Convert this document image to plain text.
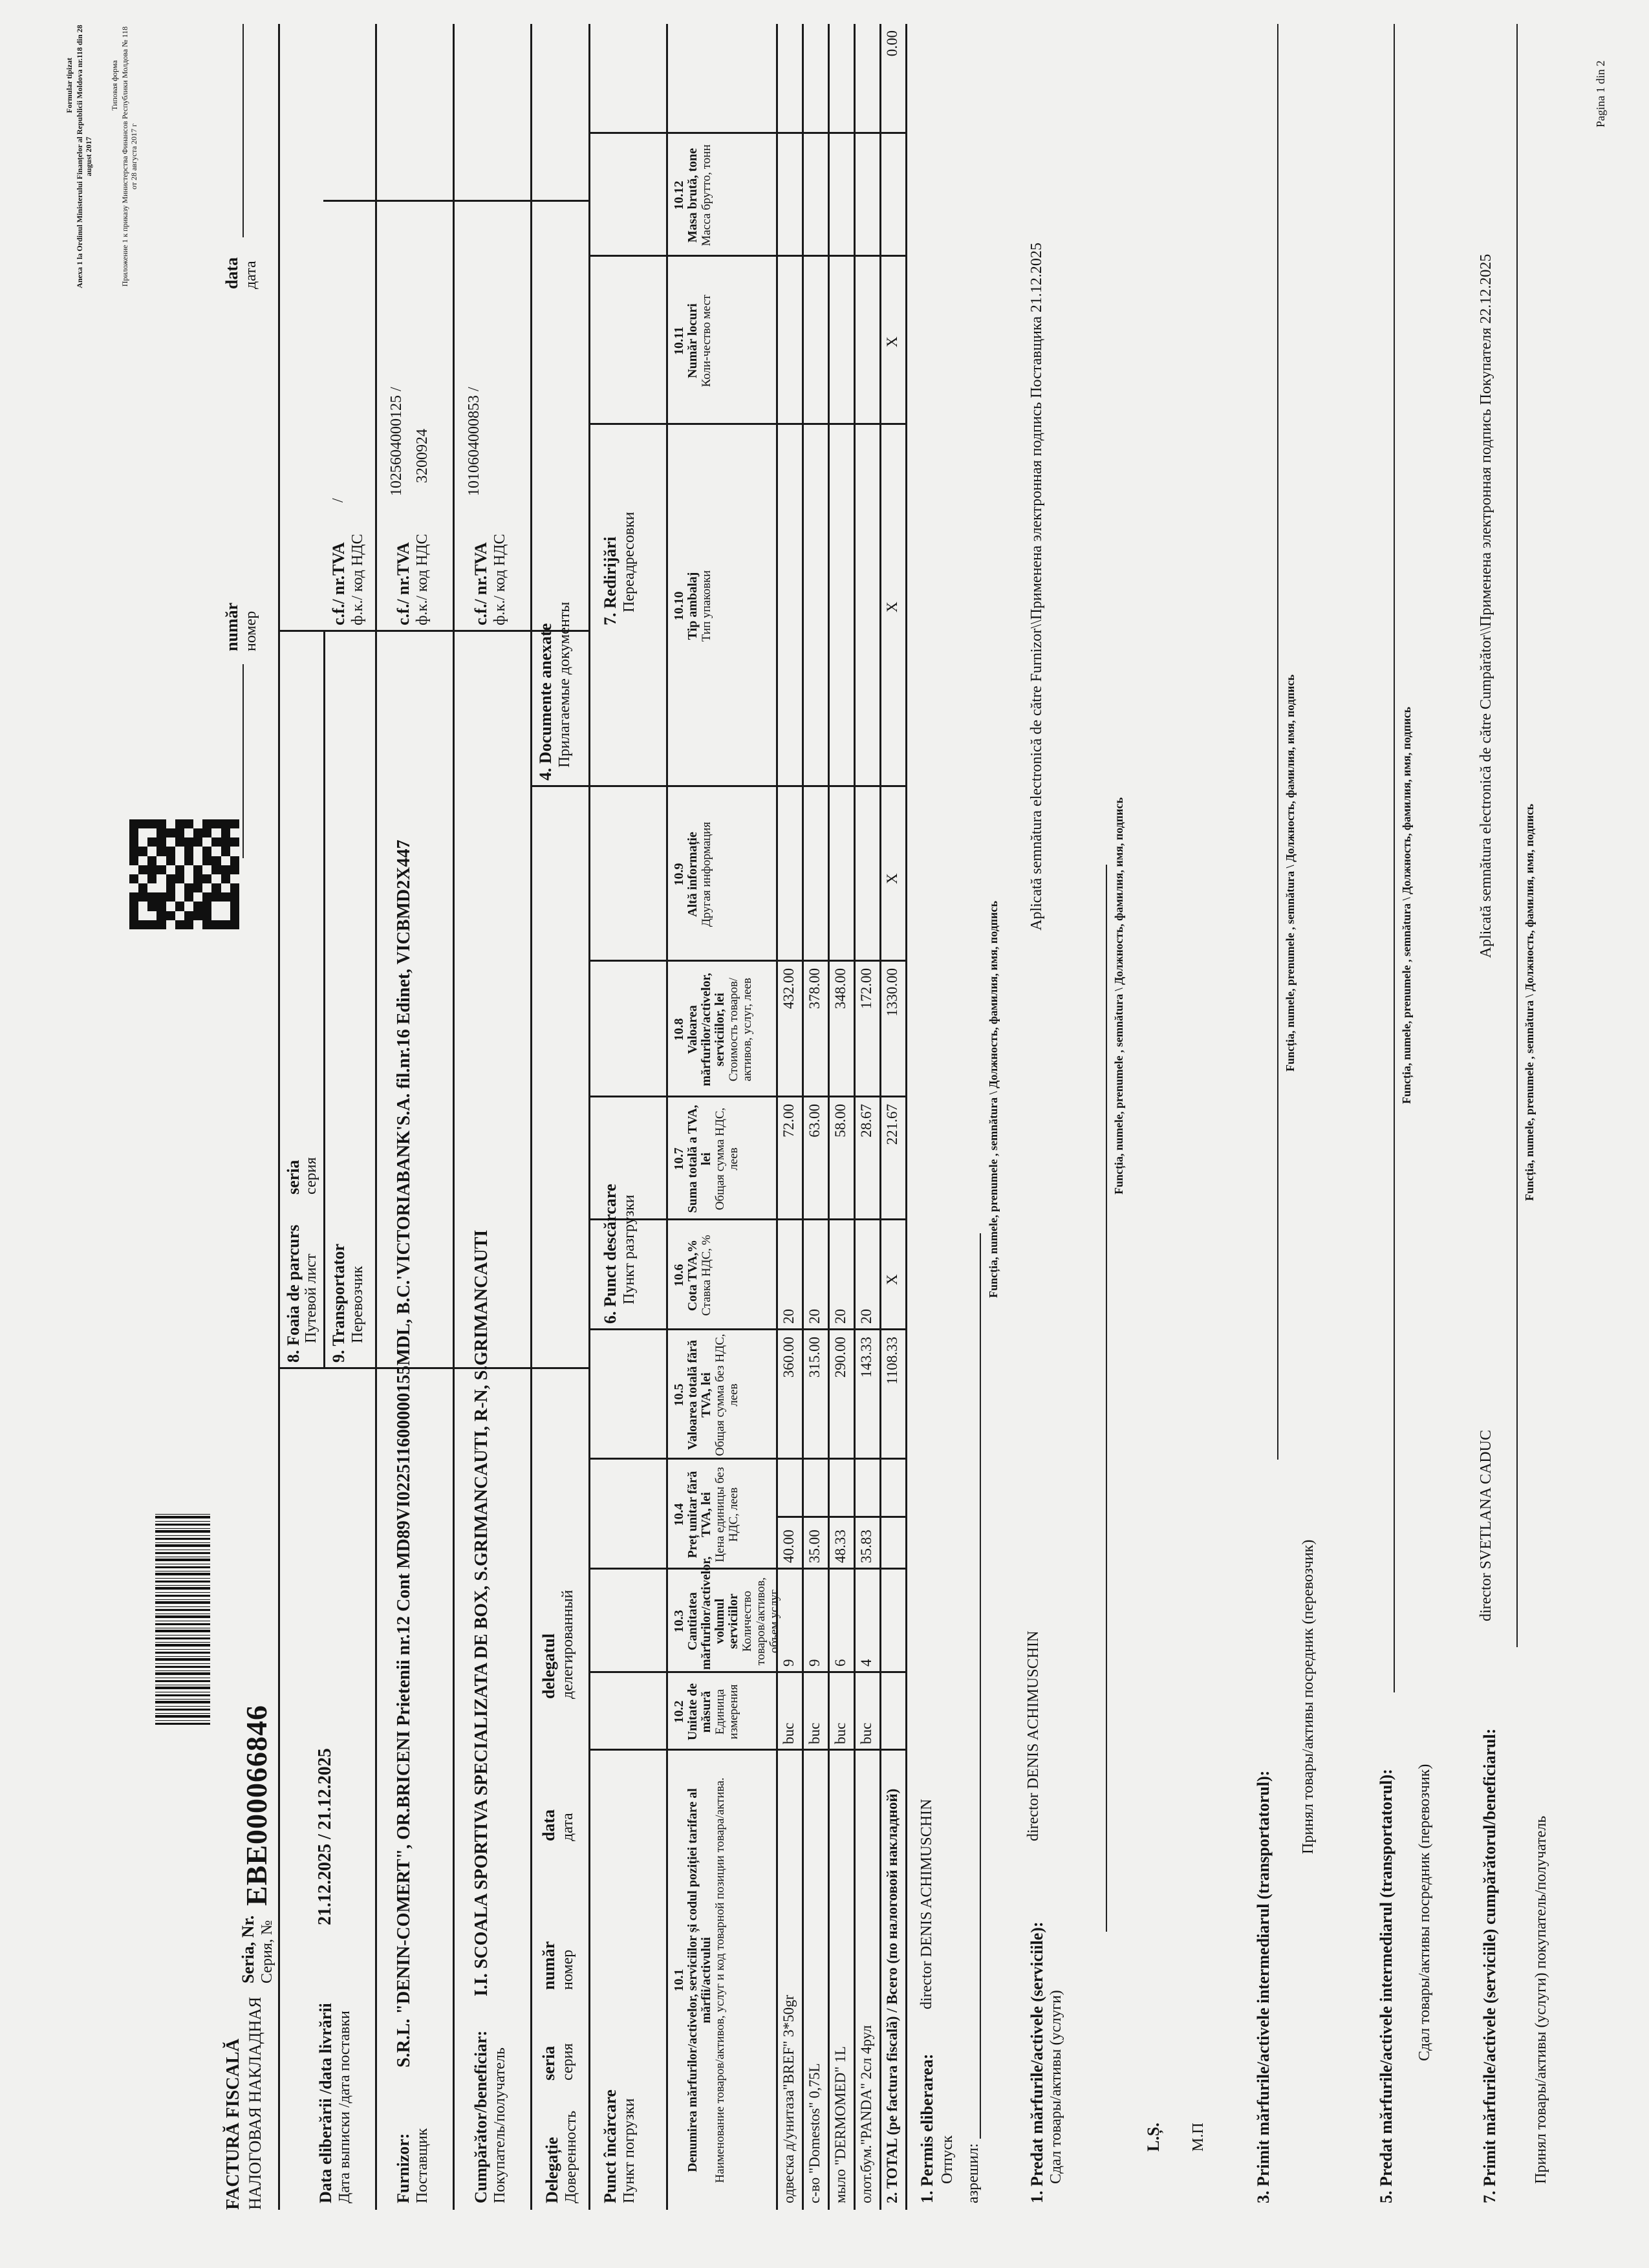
Formular tipizat Anexa 1 la Ordinul Ministerului Finanțelor al Republicii Moldova nr.118 din 28 august 2017
Типовая форма Приложение 1 к приказу Министерства Финансов Республики Молдова № 118 от 28 августа 2017 г
FACTURĂ FISCALĂ НАЛОГОВАЯ НАКЛАДНАЯ
Seria, Nr. Серия, №
EBE000066846
număr номер
data дата
Data eliberării /data livrării Дата выписки /дата поставки
21.12.2025 / 21.12.2025
8. Foaia de parcurs Путевой лист
seria серия
9. Transportator Перевозчик
c.f./ nr.TVA ф.к./ код НДС
/
Furnizor: Поставщик
S.R.L. "DENIN-COMERT", OR.BRICENI Prietenii nr.12 Cont MD89VI022511600000155MDL, B.C.'VICTORIABANK'S.A. fil.nr.16 Edinet, VICBMD2X447
c.f./ nr.TVA ф.к./ код НДС
1025604000125 / 3200924
Cumpărător/beneficiar: Покупатель/получатель
I.I. SCOALA SPORTIVA SPECIALIZATA DE BOX, S.GRIMANCAUTI, R-N, S.GRIMANCAUTI
c.f./ nr.TVA ф.к./ код НДС
1010604000853 /
Delegație Доверенность
seria серия
număr номер
data дата
delegatul делегированный
4. Documente anexate Прилагаемые документы
Punct încărcare Пункт погрузки
6. Punct descărcare Пункт разгрузки
7. Redirijări Переадресовки
10.1
Denumirea mărfurilor/activelor, serviciilor și codul poziției tarifare al mărfii/activului
Наименование товаров/активов, услуг и код товарной позиции товара/актива.
10.2
Unitate de măsură
Единица измерения
10.3
Cantitatea mărfurilor/activelor, volumul serviciilor
Количество товаров/активов, объем услуг
10.4
Preț unitar fără TVA, lei
Цена единицы без НДС, леев
10.5
Valoarea totală fără TVA, lei
Общая сумма без НДС, леев
10.6
Cota TVA,%
Ставка НДС, %
10.7
Suma totală a TVA, lei
Общая сумма НДС, леев
10.8
Valoarea mărfurilor/activelor, serviciilor, lei
Стоимость товаров/активов, услуг, леев
10.9
Altă informație
Другая информация
10.10
Tip ambalaj
Тип упаковки
10.11
Număr locuri
Коли-чество мест
10.12
Masa brută, tone
Масса брутто, тонн
одвеска д/унитаза"BREF" 3*50gr
buc
9
40.00
360.00
20
72.00
432.00
с-во "Domestos" 0,75L
buc
9
35.00
315.00
20
63.00
378.00
мыло "DERMOMED" 1L
buc
6
48.33
290.00
20
58.00
348.00
олот.бум."PANDA" 2сл 4рул
buc
4
35.83
143.33
20
28.67
172.00
2. TOTAL (pe factura fiscală) / Всего (по налоговой накладной)
1108.33
X
221.67
1330.00
X
X
X
0.00
1. Permis eliberarea:
director DENIS ACHIMUSCHIN
Отпуск азрешил:
Funcția, numele, prenumele , semnătura \ Должность, фамилия, имя, подпись
1. Predat mărfurile/activele (serviciile): Сдал товары/активы (услуги)
director DENIS ACHIMUSCHIN
Funcția, numele, prenumele , semnătura \ Должность, фамилия, имя, подпись
Aplicată semnătura electronică de către Furnizor\\Применена электронная подпись Поставщика 21.12.2025
L.Ș. М.П	3. Primit mărfurile/activele intermediarul (transportatorul):
Принял товары/активы посредник (перевозчик)
Funcția, numele, prenumele , semnătura \ Должность, фамилия, имя, подпись
5. Predat mărfurile/activele intermediarul (transportatorul): Сдал товары/активы посредник (перевозчик)
Funcția, numele, prenumele , semnătura \ Должность, фамилия, имя, подпись
7. Primit mărfurile/activele (serviciile) cumpărătorul/beneficiarul: Принял товары/активы (услуги) покупатель/получатель
director SVETLANA CADUC
Funcția, numele, prenumele , semnătura \ Должность, фамилия, имя, подпись
Aplicată semnătura electronică de către Cumpărător\\Применена электронная подпись Покупателя 22.12.2025
Pagina 1 din 2
